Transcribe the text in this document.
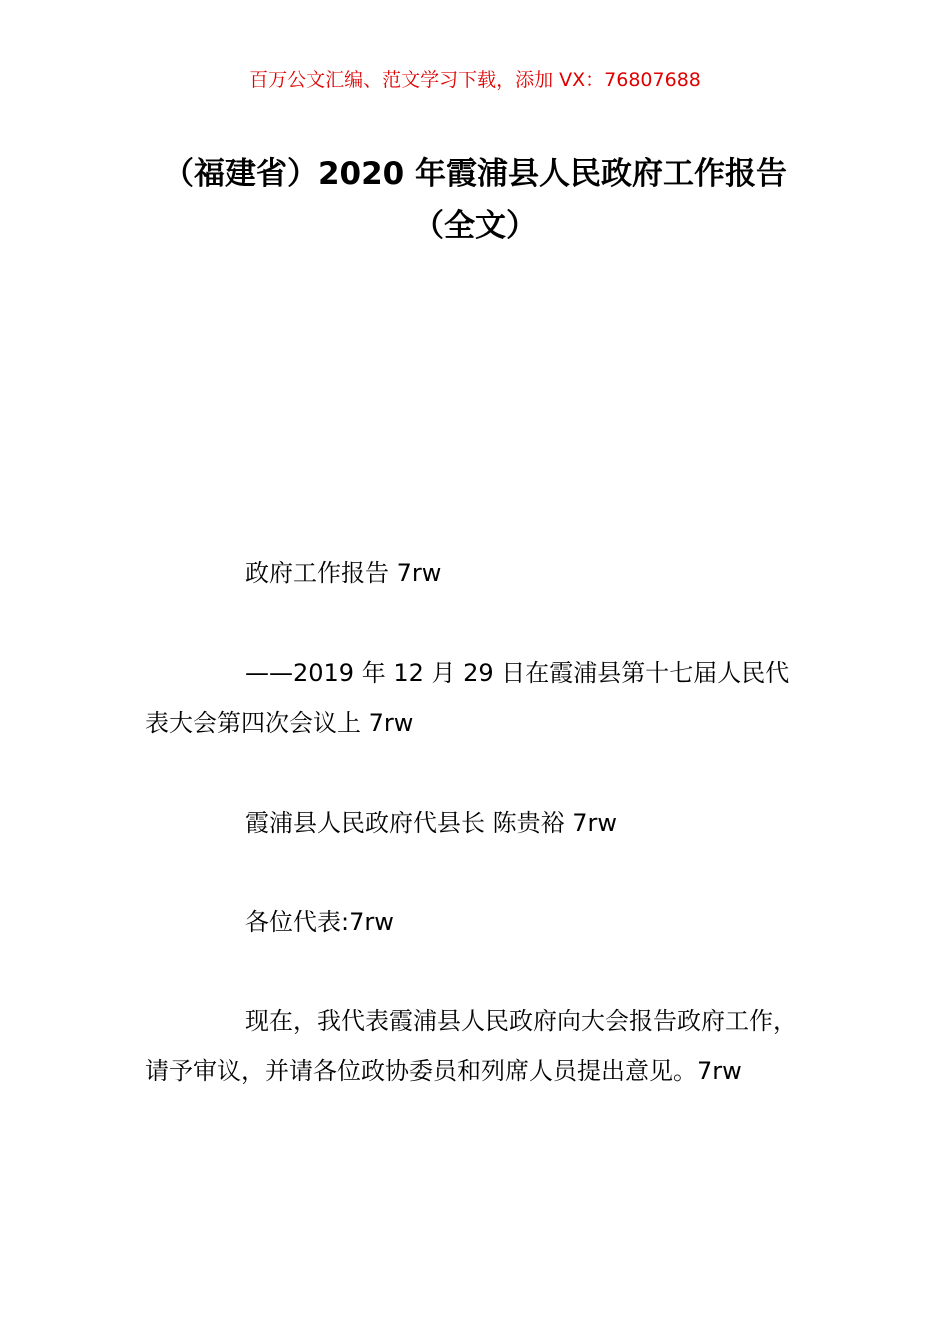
百万公文汇编、范文学习下载，添加 VX：76807688
（福建省）2020 年霞浦县人民政府工作报告（全文）
政府工作报告 7rw
——2019 年 12 月 29 日在霞浦县第十七届人民代表大会第四次会议上 7rw
霞浦县人民政府代县长 陈贵裕 7rw
各位代表:7rw
现在，我代表霞浦县人民政府向大会报告政府工作，请予审议，并请各位政协委员和列席人员提出意见。7rw
